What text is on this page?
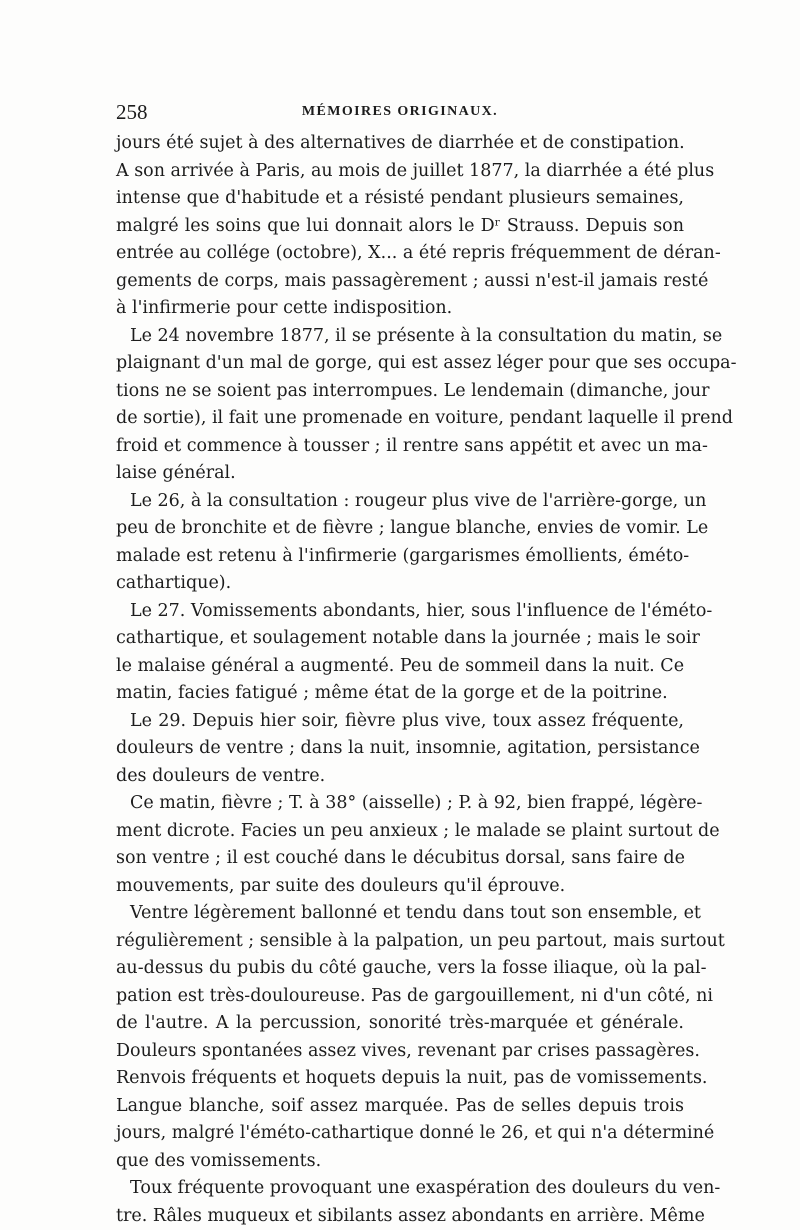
258	MÉMOIRES ORIGINAUX.
jours été sujet à des alternatives de diarrhée et de constipation.
A son arrivée à Paris, au mois de juillet 1877, la diarrhée a été plus
intense que d'habitude et a résisté pendant plusieurs semaines,
malgré les soins que lui donnait alors le Dʳ Strauss. Depuis son
entrée au collége (octobre), X... a été repris fréquemment de déran-
gements de corps, mais passagèrement ; aussi n'est-il jamais resté
à l'infirmerie pour cette indisposition.
Le 24 novembre 1877, il se présente à la consultation du matin, se
plaignant d'un mal de gorge, qui est assez léger pour que ses occupa-
tions ne se soient pas interrompues. Le lendemain (dimanche, jour
de sortie), il fait une promenade en voiture, pendant laquelle il prend
froid et commence à tousser ; il rentre sans appétit et avec un ma-
laise général.
Le 26, à la consultation : rougeur plus vive de l'arrière-gorge, un
peu de bronchite et de fièvre ; langue blanche, envies de vomir. Le
malade est retenu à l'infirmerie (gargarismes émollients, éméto-
cathartique).
Le 27. Vomissements abondants, hier, sous l'influence de l'éméto-
cathartique, et soulagement notable dans la journée ; mais le soir
le malaise général a augmenté. Peu de sommeil dans la nuit. Ce
matin, facies fatigué ; même état de la gorge et de la poitrine.
Le 29. Depuis hier soir, fièvre plus vive, toux assez fréquente,
douleurs de ventre ; dans la nuit, insomnie, agitation, persistance
des douleurs de ventre.
Ce matin, fièvre ; T. à 38° (aisselle) ; P. à 92, bien frappé, légère-
ment dicrote. Facies un peu anxieux ; le malade se plaint surtout de
son ventre ; il est couché dans le décubitus dorsal, sans faire de
mouvements, par suite des douleurs qu'il éprouve.
Ventre légèrement ballonné et tendu dans tout son ensemble, et
régulièrement ; sensible à la palpation, un peu partout, mais surtout
au-dessus du pubis du côté gauche, vers la fosse iliaque, où la pal-
pation est très-douloureuse. Pas de gargouillement, ni d'un côté, ni
de l'autre. A la percussion, sonorité très-marquée et générale.
Douleurs spontanées assez vives, revenant par crises passagères.
Renvois fréquents et hoquets depuis la nuit, pas de vomissements.
Langue blanche, soif assez marquée. Pas de selles depuis trois
jours, malgré l'éméto-cathartique donné le 26, et qui n'a déterminé
que des vomissements.
Toux fréquente provoquant une exaspération des douleurs du ven-
tre. Râles muqueux et sibilants assez abondants en arrière. Même
